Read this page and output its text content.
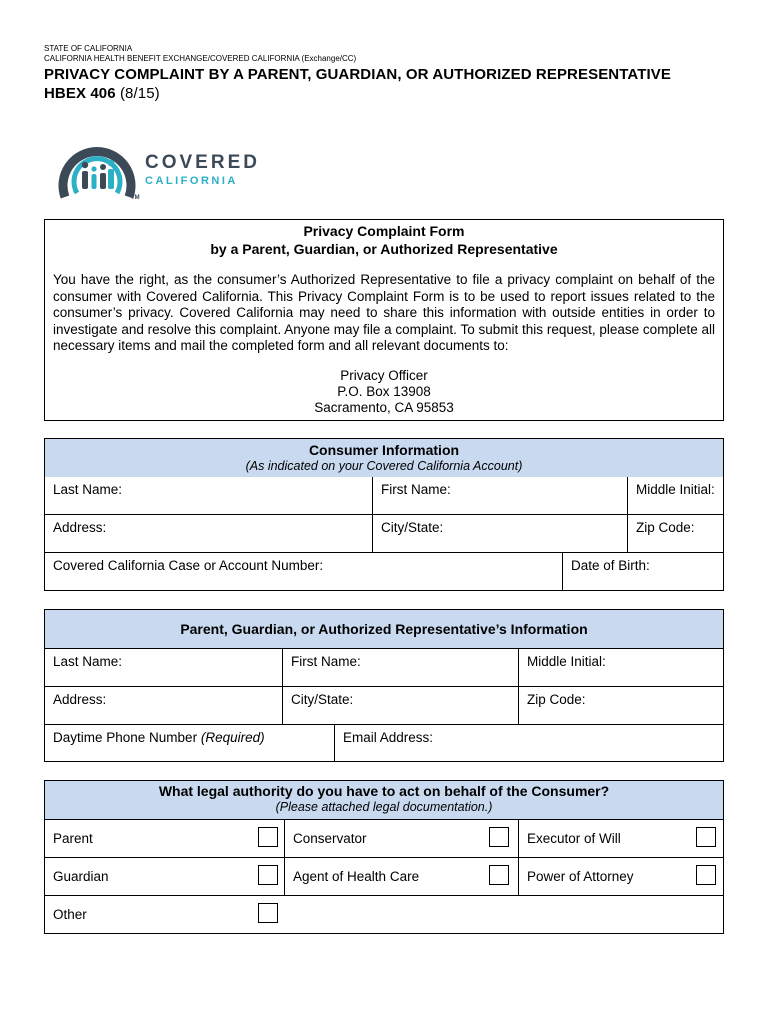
STATE OF CALIFORNIA
CALIFORNIA HEALTH BENEFIT EXCHANGE/COVERED CALIFORNIA (Exchange/CC)
PRIVACY COMPLAINT BY A PARENT, GUARDIAN, OR AUTHORIZED REPRESENTATIVE
HBEX 406 (8/15)
COVERED
CALIFORNIA
TM
Privacy Complaint Form
by a Parent, Guardian, or Authorized Representative
You have the right, as the consumer’s Authorized Representative to file a privacy complaint on behalf of the consumer with Covered California. This Privacy Complaint Form is to be used to report issues related to the consumer’s privacy. Covered California may need to share this information with outside entities in order to investigate and resolve this complaint. Anyone may file a complaint. To submit this request, please complete all necessary items and mail the completed form and all relevant documents to:
Privacy Officer
P.O. Box 13908
Sacramento, CA 95853
Consumer Information
(As indicated on your Covered California Account)
Last Name:	First Name:	Middle Initial:
Address:	City/State:	Zip Code:
Covered California Case or Account Number:	Date of Birth:
Parent, Guardian, or Authorized Representative’s Information
Last Name:	First Name:	Middle Initial:
Address:	City/State:	Zip Code:
Daytime Phone Number (Required)	Email Address:
What legal authority do you have to act on behalf of the Consumer?
(Please attached legal documentation.)
Parent	Conservator	Executor of Will
Guardian	Agent of Health Care	Power of Attorney
Other
